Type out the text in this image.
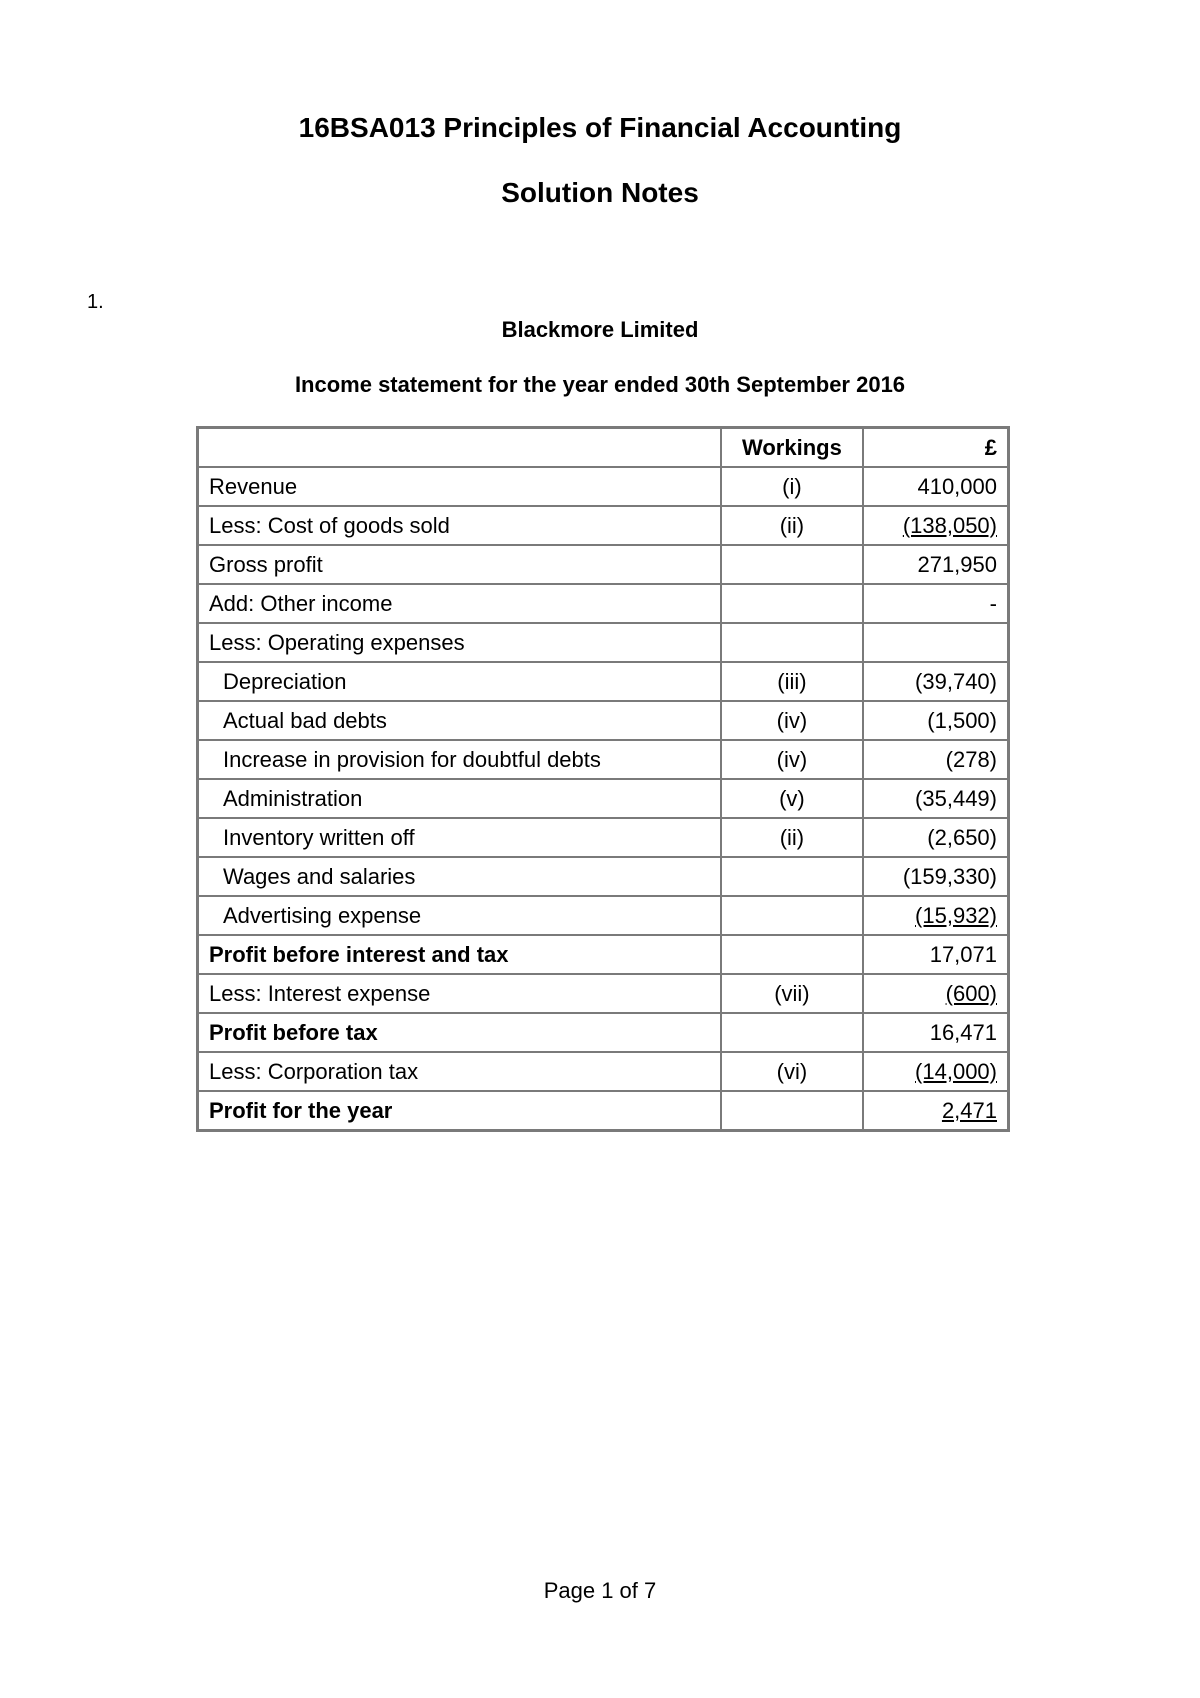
16BSA013 Principles of Financial Accounting
Solution Notes
1.
Blackmore Limited
Income statement for the year ended 30th September 2016
	Workings	£
Revenue	(i)	410,000
Less: Cost of goods sold	(ii)	(138,050)
Gross profit		271,950
Add: Other income		-
Less: Operating expenses		
Depreciation	(iii)	(39,740)
Actual bad debts	(iv)	(1,500)
Increase in provision for doubtful debts	(iv)	(278)
Administration	(v)	(35,449)
Inventory written off	(ii)	(2,650)
Wages and salaries		(159,330)
Advertising expense		(15,932)
Profit before interest and tax		17,071
Less: Interest expense	(vii)	(600)
Profit before tax		16,471
Less: Corporation tax	(vi)	(14,000)
Profit for the year		2,471
Page 1 of 7
